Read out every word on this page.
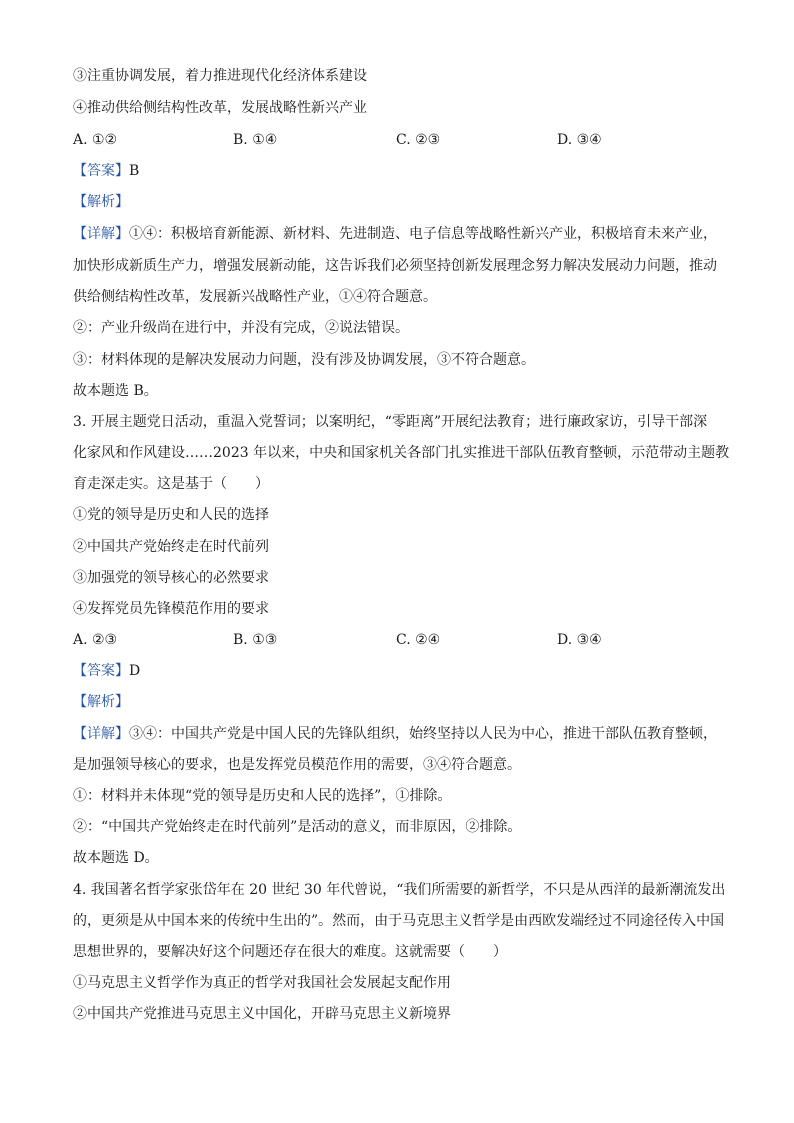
③注重协调发展，着力推进现代化经济体系建设
④推动供给侧结构性改革，发展战略性新兴产业
A. ①②	B. ①④	C. ②③	D. ③④
【答案】B
【解析】
【详解】①④：积极培育新能源、新材料、先进制造、电子信息等战略性新兴产业，积极培育未来产业，
加快形成新质生产力，增强发展新动能，这告诉我们必须坚持创新发展理念努力解决发展动力问题，推动
供给侧结构性改革，发展新兴战略性产业，①④符合题意。
②：产业升级尚在进行中，并没有完成，②说法错误。
③：材料体现的是解决发展动力问题，没有涉及协调发展，③不符合题意。
故本题选 B。
3. 开展主题党日活动，重温入党誓词；以案明纪，“零距离”开展纪法教育；进行廉政家访，引导干部深
化家风和作风建设……2023 年以来，中央和国家机关各部门扎实推进干部队伍教育整顿，示范带动主题教
育走深走实。这是基于（　　）
①党的领导是历史和人民的选择
②中国共产党始终走在时代前列
③加强党的领导核心的必然要求
④发挥党员先锋模范作用的要求
A. ②③	B. ①③	C. ②④	D. ③④
【答案】D
【解析】
【详解】③④：中国共产党是中国人民的先锋队组织，始终坚持以人民为中心，推进干部队伍教育整顿，
是加强领导核心的要求，也是发挥党员模范作用的需要，③④符合题意。
①：材料并未体现“党的领导是历史和人民的选择”，①排除。
②：“中国共产党始终走在时代前列”是活动的意义，而非原因，②排除。
故本题选 D。
4. 我国著名哲学家张岱年在 20 世纪 30 年代曾说，“我们所需要的新哲学，不只是从西洋的最新潮流发出
的，更须是从中国本来的传统中生出的”。然而，由于马克思主义哲学是由西欧发端经过不同途径传入中国
思想世界的，要解决好这个问题还存在很大的难度。这就需要（　　）
①马克思主义哲学作为真正的哲学对我国社会发展起支配作用
②中国共产党推进马克思主义中国化，开辟马克思主义新境界
